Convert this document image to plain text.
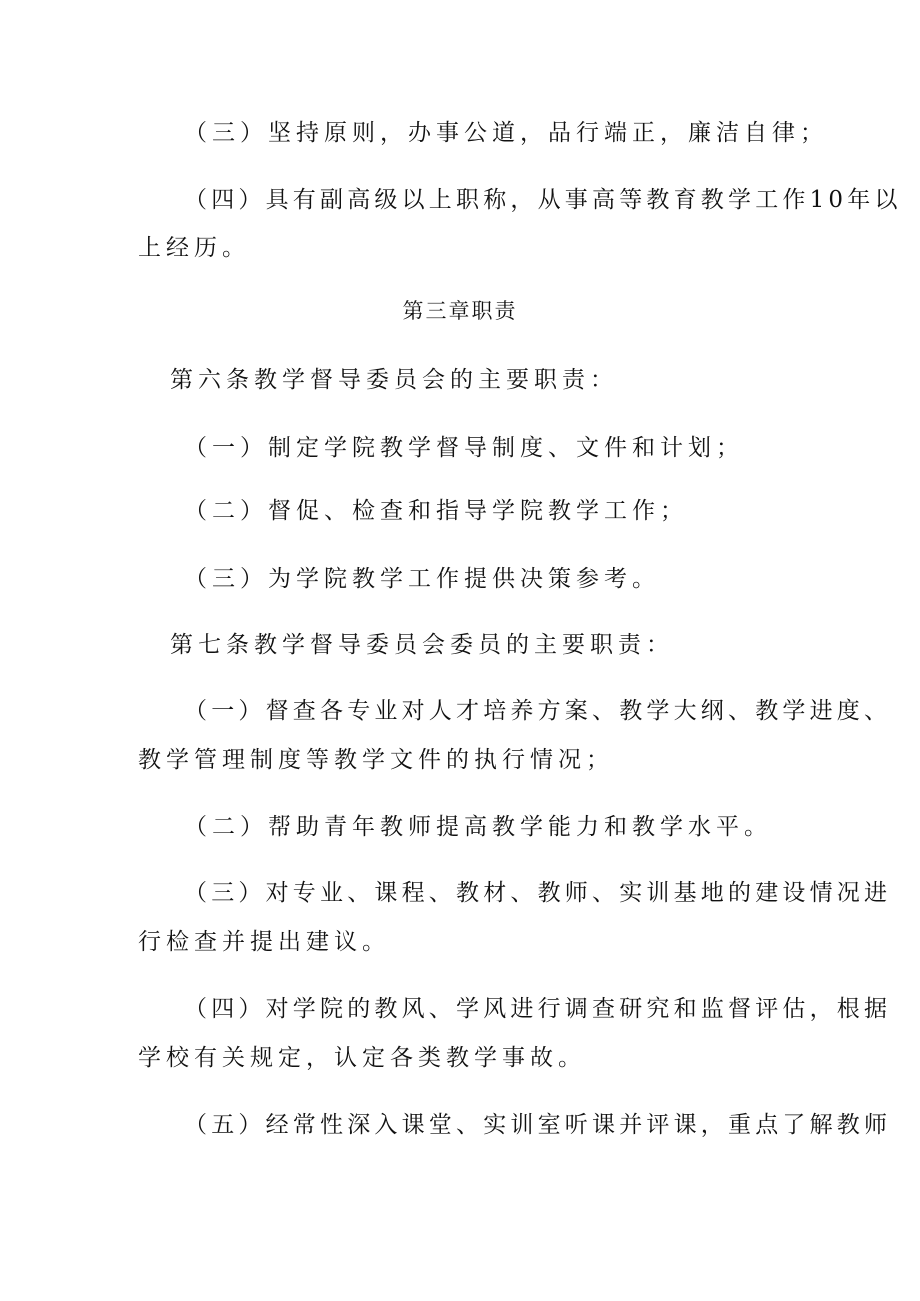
（三）坚持原则，办事公道，品行端正，廉洁自律；
（四）具有副高级以上职称，从事高等教育教学工作10年以
上经历。
第三章职责
第六条教学督导委员会的主要职责：
（一）制定学院教学督导制度、文件和计划；
（二）督促、检查和指导学院教学工作；
（三）为学院教学工作提供决策参考。
第七条教学督导委员会委员的主要职责：
（一）督查各专业对人才培养方案、教学大纲、教学进度、
教学管理制度等教学文件的执行情况；
（二）帮助青年教师提高教学能力和教学水平。
（三）对专业、课程、教材、教师、实训基地的建设情况进
行检查并提出建议。
（四）对学院的教风、学风进行调查研究和监督评估，根据
学校有关规定，认定各类教学事故。
（五）经常性深入课堂、实训室听课并评课，重点了解教师
